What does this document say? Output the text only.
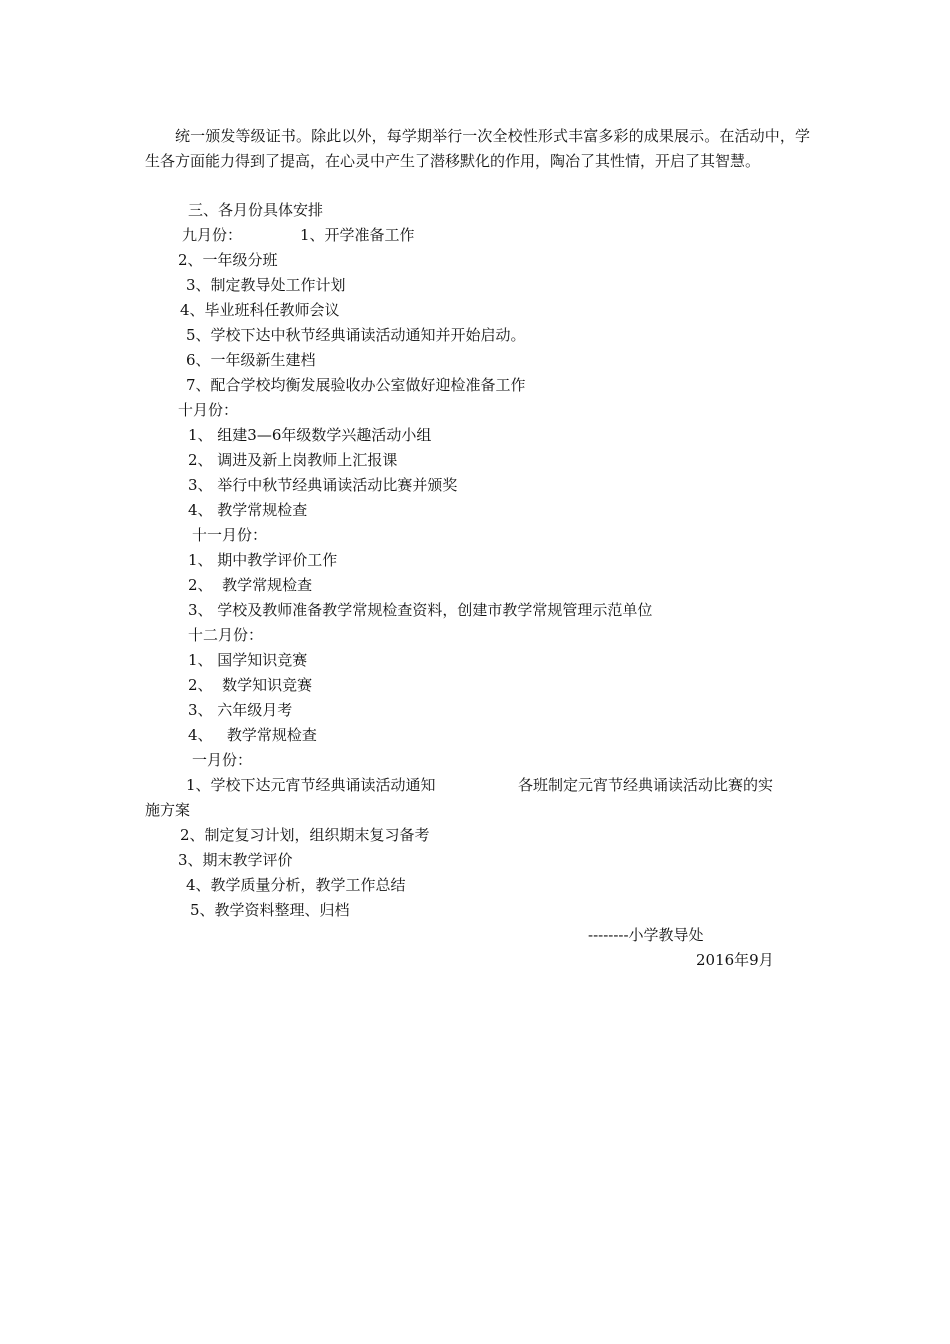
统一颁发等级证书。除此以外，每学期举行一次全校性形式丰富多彩的成果展示。在活动中，学生各方面能力得到了提高，在心灵中产生了潜移默化的作用，陶冶了其性情，开启了其智慧。

三、各月份具体安排
九月份：	1、开学准备工作
2、一年级分班
3、制定教导处工作计划
4、毕业班科任教师会议
5、学校下达中秋节经典诵读活动通知并开始启动。
6、一年级新生建档
7、配合学校均衡发展验收办公室做好迎检准备工作
十月份：
1、 组建3—6年级数学兴趣活动小组
2、 调进及新上岗教师上汇报课
3、 举行中秋节经典诵读活动比赛并颁奖
4、 教学常规检查
十一月份：
1、 期中教学评价工作
2、  教学常规检查
3、 学校及教师准备教学常规检查资料，创建市教学常规管理示范单位
十二月份：
1、 国学知识竞赛
2、  数学知识竞赛
3、 六年级月考
4、   教学常规检查
一月份：
1、学校下达元宵节经典诵读活动通知	各班制定元宵节经典诵读活动比赛的实
施方案
2、制定复习计划，组织期末复习备考
3、期末教学评价
4、教学质量分析，教学工作总结
5、教学资料整理、归档
--------小学教导处
2016年9月
